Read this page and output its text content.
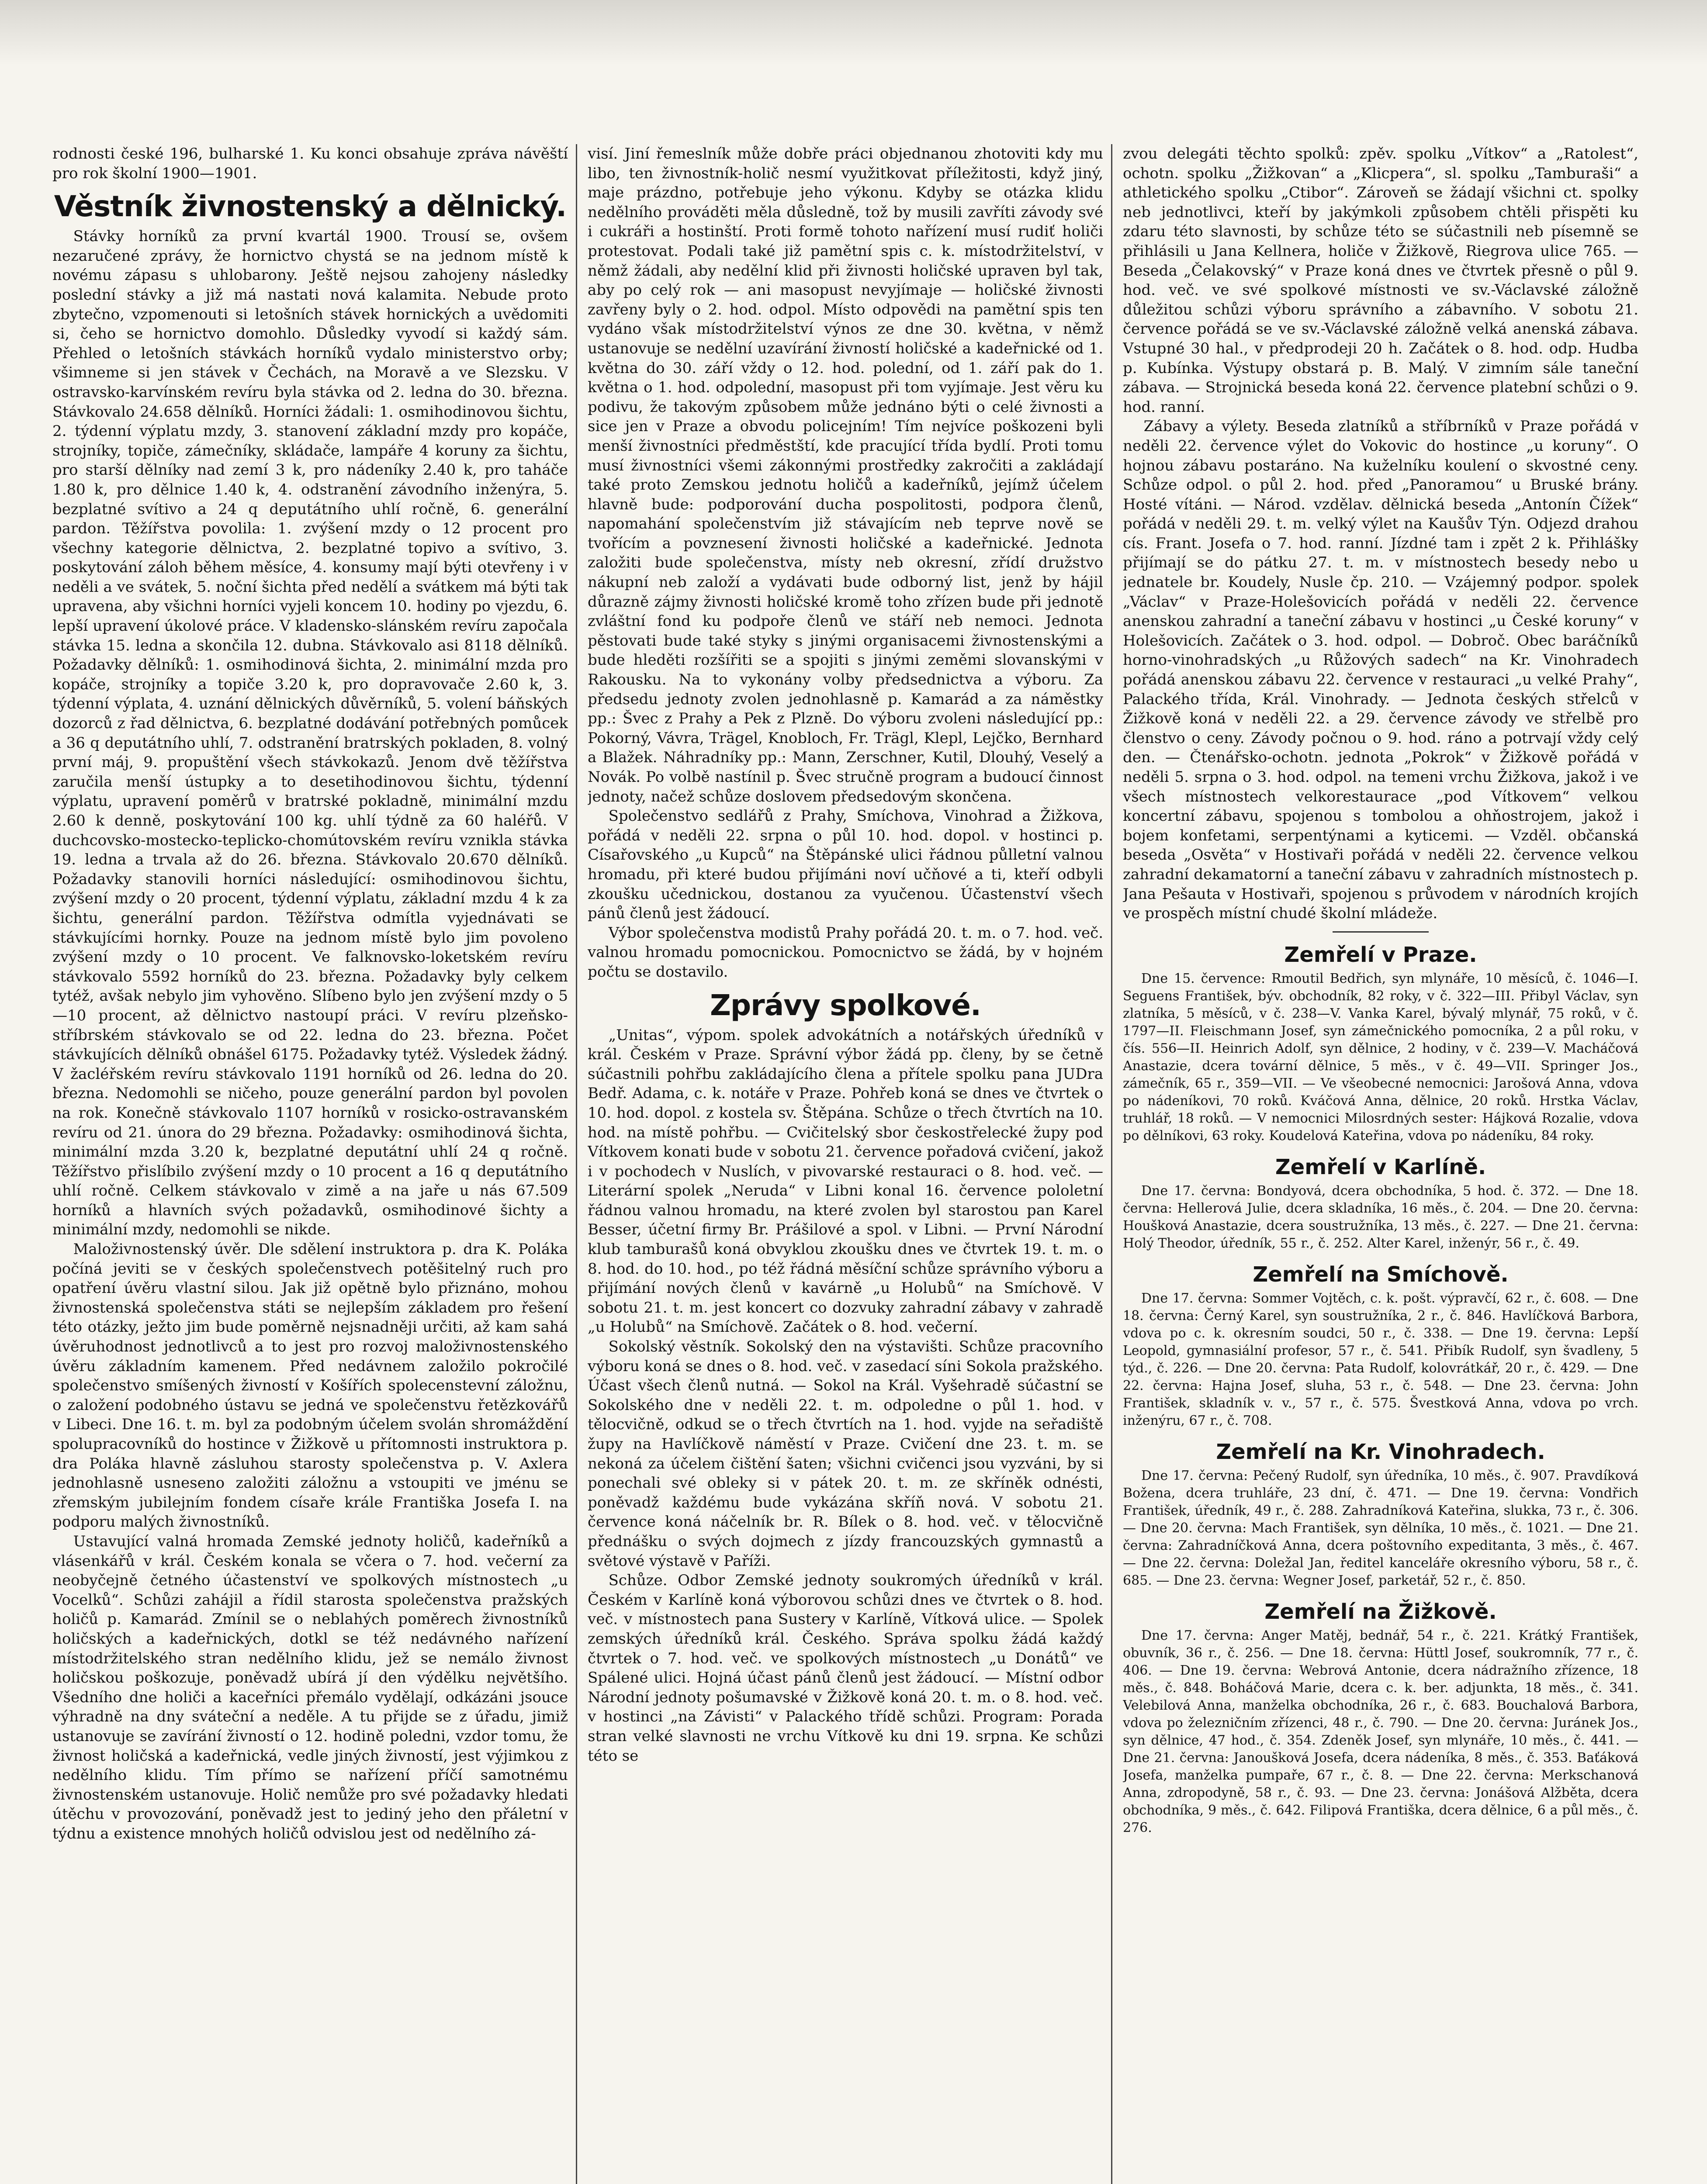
rodnosti české 196, bulharské 1. Ku konci obsahuje zpráva návěští pro rok školní 1900—1901.

Věstník živnostenský a dělnický.

Stávky horníků za první kvartál 1900. Trousí se, ovšem nezaručené zprávy, že hornictvo chystá se na jednom místě k novému zápasu s uhlobarony. Ještě nejsou zahojeny následky poslední stávky a již má nastati nová kalamita. Nebude proto zbytečno, vzpomenouti si letošních stávek hornických a uvědomiti si, čeho se hornictvo domohlo. Důsledky vyvodí si každý sám. Přehled o letošních stávkách horníků vydalo ministerstvo orby; všimneme si jen stávek v Čechách, na Moravě a ve Slezsku. V ostravsko-karvínském revíru byla stávka od 2. ledna do 30. března. Stávkovalo 24.658 dělníků. Horníci žádali: 1. osmihodinovou šichtu, 2. týdenní výplatu mzdy, 3. stanovení základní mzdy pro kopáče, strojníky, topiče, zámečníky, skládače, lampáře 4 koruny za šichtu, pro starší dělníky nad zemí 3 k, pro nádeníky 2.40 k, pro taháče 1.80 k, pro dělnice 1.40 k, 4. odstranění závodního inženýra, 5. bezplatné svítivo a 24 q deputátního uhlí ročně, 6. generální pardon. Těžířstva povolila: 1. zvýšení mzdy o 12 procent pro všechny kategorie dělnictva, 2. bezplatné topivo a svítivo, 3. poskytování záloh během měsíce, 4. konsumy mají býti otevřeny i v neděli a ve svátek, 5. noční šichta před nedělí a svátkem má býti tak upravena, aby všichni horníci vyjeli koncem 10. hodiny po vjezdu, 6. lepší upravení úkolové práce. V kladensko-slánském revíru započala stávka 15. ledna a skončila 12. dubna. Stávkovalo asi 8118 dělníků. Požadavky dělníků: 1. osmihodinová šichta, 2. minimální mzda pro kopáče, strojníky a topiče 3.20 k, pro dopravovače 2.60 k, 3. týdenní výplata, 4. uznání dělnických důvěrníků, 5. volení báňských dozorců z řad dělnictva, 6. bezplatné dodávání potřebných pomůcek a 36 q deputátního uhlí, 7. odstranění bratrských pokladen, 8. volný první máj, 9. propuštění všech stávkokazů. Jenom dvě těžířstva zaručila menší ústupky a to desetihodinovou šichtu, týdenní výplatu, upravení poměrů v bratrské pokladně, minimální mzdu 2.60 k denně, poskytování 100 kg. uhlí týdně za 60 haléřů. V duchcovsko-mostecko-teplicko-chomútovském revíru vznikla stávka 19. ledna a trvala až do 26. března. Stávkovalo 20.670 dělníků. Požadavky stanovili horníci následující: osmihodinovou šichtu, zvýšení mzdy o 20 procent, týdenní výplatu, základní mzdu 4 k za šichtu, generální pardon. Těžířstva odmítla vyjednávati se stávkujícími hornky. Pouze na jednom místě bylo jim povoleno zvýšení mzdy o 10 procent. Ve falknovsko-loketském revíru stávkovalo 5592 horníků do 23. března. Požadavky byly celkem tytéž, avšak nebylo jim vyhověno. Slíbeno bylo jen zvýšení mzdy o 5—10 procent, až dělnictvo nastoupí práci. V revíru plzeňsko-stříbrském stávkovalo se od 22. ledna do 23. března. Počet stávkujících dělníků obnášel 6175. Požadavky tytéž. Výsledek žádný. V žacléřském revíru stávkovalo 1191 horníků od 26. ledna do 20. března. Nedomohli se ničeho, pouze generální pardon byl povolen na rok. Konečně stávkovalo 1107 horníků v rosicko-ostravanském revíru od 21. února do 29 března. Požadavky: osmihodinová šichta, minimální mzda 3.20 k, bezplatné deputátní uhlí 24 q ročně. Těžířstvo přislíbilo zvýšení mzdy o 10 procent a 16 q deputátního uhlí ročně. Celkem stávkovalo v zimě a na jaře u nás 67.509 horníků a hlavních svých požadavků, osmihodinové šichty a minimální mzdy, nedomohli se nikde.

Maloživnostenský úvěr. Dle sdělení instruktora p. dra K. Poláka počíná jeviti se v českých společenstvech potěšitelný ruch pro opatření úvěru vlastní silou. Jak již opětně bylo přiznáno, mohou živnostenská společenstva státi se nejlepším základem pro řešení této otázky, ježto jim bude poměrně nejsnadněji určiti, až kam sahá úvěruhodnost jednotlivců a to jest pro rozvoj maloživnostenského úvěru základním kamenem. Před nedávnem založilo pokročilé společenstvo smíšených živností v Košířích spolecenstevní záložnu, o založení podobného ústavu se jedná ve společenstvu řetězkovářů v Libeci. Dne 16. t. m. byl za podobným účelem svolán shromáždění spolupracovníků do hostince v Žižkově u přítomnosti instruktora p. dra Poláka hlavně zásluhou starosty společenstva p. V. Axlera jednohlasně usneseno založiti záložnu a vstoupiti ve jménu se zřemským jubilejním fondem císaře krále Františka Josefa I. na podporu malých živnostníků.

Ustavující valná hromada Zemské jednoty holičů, kadeřníků a vlásenkářů v král. Českém konala se včera o 7. hod. večerní za neobyčejně četného účastenství ve spolkových místnostech „u Vocelků“. Schůzi zahájil a řídil starosta společenstva pražských holičů p. Kamarád. Zmínil se o neblahých poměrech živnostníků holičských a kadeřnických, dotkl se též nedávného nařízení místodržitelského stran nedělního klidu, jež se nemálo živnost holičskou poškozuje, poněvadž ubírá jí den výdělku největšího. Všedního dne holiči a kaceřníci přemálo vydělají, odkázáni jsouce výhradně na dny sváteční a neděle. A tu přijde se z úřadu, jimiž ustanovuje se zavírání živností o 12. hodině poledni, vzdor tomu, že živnost holičská a kadeřnická, vedle jiných živností, jest výjimkou z nedělního klidu. Tím přímo se nařízení příčí samotnému živnostenském ustanovuje. Holič nemůže pro své požadavky hledati útěchu v provozování, poněvadž jest to jediný jeho den přáletní v týdnu a existence mnohých holičů odvislou jest od nedělního zá-

visí. Jiní řemeslník může dobře práci objednanou zhotoviti kdy mu libo, ten živnostník-holič nesmí využitkovat příležitosti, když jiný, maje prázdno, potřebuje jeho výkonu. Kdyby se otázka klidu nedělního prováděti měla důsledně, tož by musili zavříti závody své i cukráři a hostinští. Proti formě tohoto nařízení musí rudiť holiči protestovat. Podali také již pamětní spis c. k. místodržitelství, v němž žádali, aby nedělní klid při živnosti holičské upraven byl tak, aby po celý rok — ani masopust nevyjímaje — holičské živnosti zavřeny byly o 2. hod. odpol. Místo odpovědi na pamětní spis ten vydáno však místodržitelství výnos ze dne 30. května, v němž ustanovuje se nedělní uzavírání živností holičské a kadeřnické od 1. května do 30. září vždy o 12. hod. polední, od 1. září pak do 1. května o 1. hod. odpolední, masopust při tom vyjímaje. Jest věru ku podivu, že takovým způsobem může jednáno býti o celé živnosti a sice jen v Praze a obvodu policejním! Tím nejvíce poškozeni byli menší živnostníci předměstští, kde pracující třída bydlí. Proti tomu musí živnostníci všemi zákonnými prostředky zakročiti a zakládají také proto Zemskou jednotu holičů a kadeřníků, jejímž účelem hlavně bude: podporování ducha pospolitosti, podpora členů, napomahání společenstvím již stávajícím neb teprve nově se tvořícím a povznesení živnosti holičské a kadeřnické. Jednota založiti bude společenstva, místy neb okresní, zřídí družstvo nákupní neb založí a vydávati bude odborný list, jenž by hájil důrazně zájmy živnosti holičské kromě toho zřízen bude při jednotě zvláštní fond ku podpoře členů ve stáří neb nemoci. Jednota pěstovati bude také styky s jinými organisacemi živnostenskými a bude hleděti rozšířiti se a spojiti s jinými zeměmi slovanskými v Rakousku. Na to vykonány volby předsednictva a výboru. Za předsedu jednoty zvolen jednohlasně p. Kamarád a za náměstky pp.: Švec z Prahy a Pek z Plzně. Do výboru zvoleni následující pp.: Pokorný, Vávra, Trägel, Knobloch, Fr. Trägl, Klepl, Lejčko, Bernhard a Blažek. Náhradníky pp.: Mann, Zerschner, Kutil, Dlouhý, Veselý a Novák. Po volbě nastínil p. Švec stručně program a budoucí činnost jednoty, načež schůze doslovem předsedovým skončena.

Společenstvo sedlářů z Prahy, Smíchova, Vinohrad a Žižkova, pořádá v neděli 22. srpna o půl 10. hod. dopol. v hostinci p. Císařovského „u Kupců“ na Štěpánské ulici řádnou půlletní valnou hromadu, při které budou přijímáni noví učňové a ti, kteří odbyli zkoušku učednickou, dostanou za vyučenou. Účastenství všech pánů členů jest žádoucí.

Výbor společenstva modistů Prahy pořádá 20. t. m. o 7. hod. več. valnou hromadu pomocnickou. Pomocnictvo se žádá, by v hojném počtu se dostavilo.

Zprávy spolkové.

„Unitas“, výpom. spolek advokátních a notářských úředníků v král. Českém v Praze. Správní výbor žádá pp. členy, by se četně súčastnili pohřbu zakládajícího člena a přítele spolku pana JUDra Bedř. Adama, c. k. notáře v Praze. Pohřeb koná se dnes ve čtvrtek o 10. hod. dopol. z kostela sv. Štěpána. Schůze o třech čtvrtích na 10. hod. na místě pohřbu. — Cvičitelský sbor českostřelecké župy pod Vítkovem konati bude v sobotu 21. července pořadová cvičení, jakož i v pochodech v Nuslích, v pivovarské restauraci o 8. hod. več. — Literární spolek „Neruda“ v Libni konal 16. července pololetní řádnou valnou hromadu, na které zvolen byl starostou pan Karel Besser, účetní firmy Br. Prášilové a spol. v Libni. — První Národní klub tamburašů koná obvyklou zkoušku dnes ve čtvrtek 19. t. m. o 8. hod. do 10. hod., po též řádná měsíční schůze správního výboru a přijímání nových členů v kavárně „u Holubů“ na Smíchově. V sobotu 21. t. m. jest koncert co dozvuky zahradní zábavy v zahradě „u Holubů“ na Smíchově. Začátek o 8. hod. večerní.

Sokolský věstník. Sokolský den na výstavišti. Schůze pracovního výboru koná se dnes o 8. hod. več. v zasedací síni Sokola pražského. Účast všech členů nutná. — Sokol na Král. Vyšehradě súčastní se Sokolského dne v neděli 22. t. m. odpoledne o půl 1. hod. v tělocvičně, odkud se o třech čtvrtích na 1. hod. vyjde na seřadiště župy na Havlíčkově náměstí v Praze. Cvičení dne 23. t. m. se nekoná za účelem čištění šaten; všichni cvičenci jsou vyzváni, by si ponechali své obleky si v pátek 20. t. m. ze skříněk odnésti, poněvadž každému bude vykázána skříň nová. V sobotu 21. července koná náčelník br. R. Bílek o 8. hod. več. v tělocvičně přednášku o svých dojmech z jízdy francouzských gymnastů a světové výstavě v Paříži.

Schůze. Odbor Zemské jednoty soukromých úředníků v král. Českém v Karlíně koná výborovou schůzi dnes ve čtvrtek o 8. hod. več. v místnostech pana Sustery v Karlíně, Vítková ulice. — Spolek zemských úředníků král. Českého. Správa spolku žádá každý čtvrtek o 7. hod. več. ve spolkových místnostech „u Donátů“ ve Spálené ulici. Hojná účast pánů členů jest žádoucí. — Místní odbor Národní jednoty pošumavské v Žižkově koná 20. t. m. o 8. hod. več. v hostinci „na Závisti“ v Palackého třídě schůzi. Program: Porada stran velké slavnosti ne vrchu Vítkově ku dni 19. srpna. Ke schůzi této se

zvou delegáti těchto spolků: zpěv. spolku „Vítkov“ a „Ratolest“, ochotn. spolku „Žižkovan“ a „Klicpera“, sl. spolku „Tamburaši“ a athletického spolku „Ctibor“. Zároveň se žádají všichni ct. spolky neb jednotlivci, kteří by jakýmkoli způsobem chtěli přispěti ku zdaru této slavnosti, by schůze této se súčastnili neb písemně se přihlásili u Jana Kellnera, holiče v Žižkově, Riegrova ulice 765. — Beseda „Čelakovský“ v Praze koná dnes ve čtvrtek přesně o půl 9. hod. več. ve své spolkové místnosti ve sv.-Václavské záložně důležitou schůzi výboru správního a zábavního. V sobotu 21. července pořádá se ve sv.-Václavské záložně velká anenská zábava. Vstupné 30 hal., v předprodeji 20 h. Začátek o 8. hod. odp. Hudba p. Kubínka. Výstupy obstará p. B. Malý. V zimním sále taneční zábava. — Strojnická beseda koná 22. července platební schůzi o 9. hod. ranní.

Zábavy a výlety. Beseda zlatníků a stříbrníků v Praze pořádá v neděli 22. července výlet do Vokovic do hostince „u koruny“. O hojnou zábavu postaráno. Na kuželníku koulení o skvostné ceny. Schůze odpol. o půl 2. hod. před „Panoramou“ u Bruské brány. Hosté vítáni. — Národ. vzdělav. dělnická beseda „Antonín Čížek“ pořádá v neděli 29. t. m. velký výlet na Kaušův Týn. Odjezd drahou cís. Frant. Josefa o 7. hod. ranní. Jízdné tam i zpět 2 k. Přihlášky přijímají se do pátku 27. t. m. v místnostech besedy nebo u jednatele br. Koudely, Nusle čp. 210. — Vzájemný podpor. spolek „Václav“ v Praze-Holešovicích pořádá v neděli 22. července anenskou zahradní a taneční zábavu v hostinci „u České koruny“ v Holešovicích. Začátek o 3. hod. odpol. — Dobroč. Obec baráčníků horno-vinohradských „u Růžových sadech“ na Kr. Vinohradech pořádá anenskou zábavu 22. července v restauraci „u velké Prahy“, Palackého třída, Král. Vinohrady. — Jednota českých střelců v Žižkově koná v neděli 22. a 29. července závody ve střelbě pro členstvo o ceny. Závody počnou o 9. hod. ráno a potrvají vždy celý den. — Čtenářsko-ochotn. jednota „Pokrok“ v Žižkově pořádá v neděli 5. srpna o 3. hod. odpol. na temeni vrchu Žižkova, jakož i ve všech místnostech velkorestaurace „pod Vítkovem“ velkou koncertní zábavu, spojenou s tombolou a ohňostrojem, jakož i bojem konfetami, serpentýnami a kyticemi. — Vzděl. občanská beseda „Osvěta“ v Hostivaři pořádá v neděli 22. července velkou zahradní dekamatorní a taneční zábavu v zahradních místnostech p. Jana Pešauta v Hostivaři, spojenou s průvodem v národních krojích ve prospěch místní chudé školní mládeže.

Zemřelí v Praze.

Dne 15. července: Rmoutil Bedřich, syn mlynáře, 10 měsíců, č. 1046—I. Seguens František, býv. obchodník, 82 roky, v č. 322—III. Přibyl Václav, syn zlatníka, 5 měsíců, v č. 238—V. Vanka Karel, bývalý mlynář, 75 roků, v č. 1797—II. Fleischmann Josef, syn zámečnického pomocníka, 2 a půl roku, v čís. 556—II. Heinrich Adolf, syn dělnice, 2 hodiny, v č. 239—V. Macháčová Anastazie, dcera tovární dělnice, 5 měs., v č. 49—VII. Springer Jos., zámečník, 65 r., 359—VII. — Ve všeobecné nemocnici: Jarošová Anna, vdova po nádeníkovi, 70 roků. Kváčová Anna, dělnice, 20 roků. Hrstka Václav, truhlář, 18 roků. — V nemocnici Milosrdných sester: Hájková Rozalie, vdova po dělníkovi, 63 roky. Koudelová Kateřina, vdova po nádeníku, 84 roky.

Zemřelí v Karlíně.

Dne 17. června: Bondyová, dcera obchodníka, 5 hod. č. 372. — Dne 18. června: Hellerová Julie, dcera skladníka, 16 měs., č. 204. — Dne 20. června: Houšková Anastazie, dcera soustružníka, 13 měs., č. 227. — Dne 21. června: Holý Theodor, úředník, 55 r., č. 252. Alter Karel, inženýr, 56 r., č. 49.

Zemřelí na Smíchově.

Dne 17. června: Sommer Vojtěch, c. k. pošt. výpravčí, 62 r., č. 608. — Dne 18. června: Černý Karel, syn soustružníka, 2 r., č. 846. Havlíčková Barbora, vdova po c. k. okresním soudci, 50 r., č. 338. — Dne 19. června: Lepší Leopold, gymnasiální profesor, 57 r., č. 541. Přibík Rudolf, syn švadleny, 5 týd., č. 226. — Dne 20. června: Pata Rudolf, kolovrátkář, 20 r., č. 429. — Dne 22. června: Hajna Josef, sluha, 53 r., č. 548. — Dne 23. června: John František, skladník v. v., 57 r., č. 575. Švestková Anna, vdova po vrch. inženýru, 67 r., č. 708.

Zemřelí na Kr. Vinohradech.

Dne 17. června: Pečený Rudolf, syn úředníka, 10 měs., č. 907. Pravdíková Božena, dcera truhláře, 23 dní, č. 471. — Dne 19. června: Vondřich František, úředník, 49 r., č. 288. Zahradníková Kateřina, slukka, 73 r., č. 306. — Dne 20. června: Mach František, syn dělníka, 10 měs., č. 1021. — Dne 21. června: Zahradníčková Anna, dcera poštovního expeditanta, 3 měs., č. 467. — Dne 22. června: Doležal Jan, ředitel kanceláře okresního výboru, 58 r., č. 685. — Dne 23. června: Wegner Josef, parketář, 52 r., č. 850.

Zemřelí na Žižkově.

Dne 17. června: Anger Matěj, bednář, 54 r., č. 221. Krátký František, obuvník, 36 r., č. 256. — Dne 18. června: Hüttl Josef, soukromník, 77 r., č. 406. — Dne 19. června: Webrová Antonie, dcera nádražního zřízence, 18 měs., č. 848. Boháčová Marie, dcera c. k. ber. adjunkta, 18 měs., č. 341. Velebilová Anna, manželka obchodníka, 26 r., č. 683. Bouchalová Barbora, vdova po železničním zřízenci, 48 r., č. 790. — Dne 20. června: Juránek Jos., syn dělnice, 47 hod., č. 354. Zdeněk Josef, syn mlynáře, 10 měs., č. 441. — Dne 21. června: Janoušková Josefa, dcera nádeníka, 8 měs., č. 353. Baťáková Josefa, manželka pumpaře, 67 r., č. 8. — Dne 22. června: Merkschanová Anna, zdropodyně, 58 r., č. 93. — Dne 23. června: Jonášová Alžběta, dcera obchodníka, 9 měs., č. 642. Filipová Františka, dcera dělnice, 6 a půl měs., č. 276.
